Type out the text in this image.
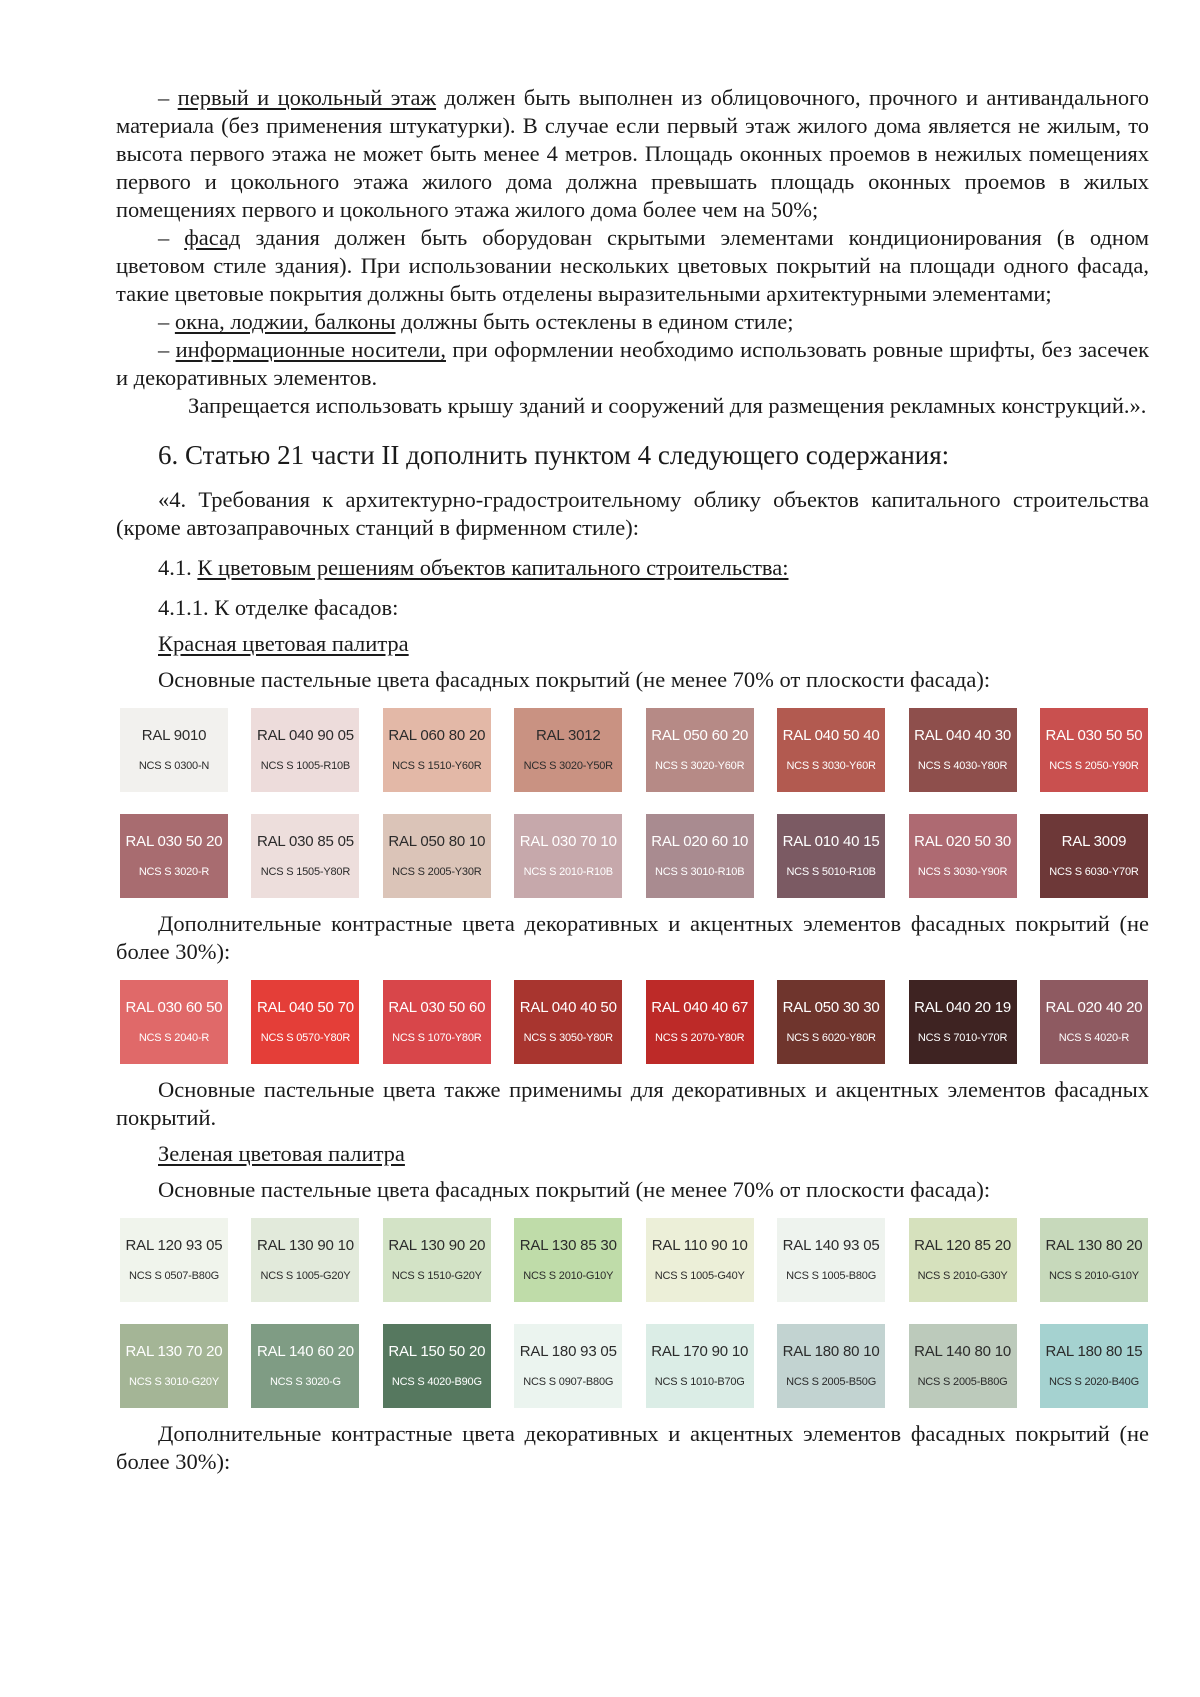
– первый и цокольный этаж должен быть выполнен из облицовочного, прочного и антивандального материала (без применения штукатурки). В случае если первый этаж жилого дома является не жилым, то высота первого этажа не может быть менее 4 метров. Площадь оконных проемов в нежилых помещениях первого и цокольного этажа жилого дома должна превышать площадь оконных проемов в жилых помещениях первого и цокольного этажа жилого дома более чем на 50%;

– фасад здания должен быть оборудован скрытыми элементами кондиционирования (в одном цветовом стиле здания). При использовании нескольких цветовых покрытий на площади одного фасада, такие цветовые покрытия должны быть отделены выразительными архитектурными элементами;

– окна, лоджии, балконы должны быть остеклены в едином стиле;

– информационные носители, при оформлении необходимо использовать ровные шрифты, без засечек и декоративных элементов.

Запрещается использовать крышу зданий и сооружений для размещения рекламных конструкций.».

6. Статью 21 части II дополнить пунктом 4 следующего содержания:

«4. Требования к архитектурно-градостроительному облику объектов капитального строительства (кроме автозаправочных станций в фирменном стиле):

4.1. К цветовым решениям объектов капитального строительства:

4.1.1. К отделке фасадов:

Красная цветовая палитра

Основные пастельные цвета фасадных покрытий (не менее 70% от плоскости фасада):

RAL 9010
NCS S 0300-N
RAL 040 90 05
NCS S 1005-R10B
RAL 060 80 20
NCS S 1510-Y60R
RAL 3012
NCS S 3020-Y50R
RAL 050 60 20
NCS S 3020-Y60R
RAL 040 50 40
NCS S 3030-Y60R
RAL 040 40 30
NCS S 4030-Y80R
RAL 030 50 50
NCS S 2050-Y90R
RAL 030 50 20
NCS S 3020-R
RAL 030 85 05
NCS S 1505-Y80R
RAL 050 80 10
NCS S 2005-Y30R
RAL 030 70 10
NCS S 2010-R10B
RAL 020 60 10
NCS S 3010-R10B
RAL 010 40 15
NCS S 5010-R10B
RAL 020 50 30
NCS S 3030-Y90R
RAL 3009
NCS S 6030-Y70R

Дополнительные контрастные цвета декоративных и акцентных элементов фасадных покрытий (не более 30%):

RAL 030 60 50
NCS S 2040-R
RAL 040 50 70
NCS S 0570-Y80R
RAL 030 50 60
NCS S 1070-Y80R
RAL 040 40 50
NCS S 3050-Y80R
RAL 040 40 67
NCS S 2070-Y80R
RAL 050 30 30
NCS S 6020-Y80R
RAL 040 20 19
NCS S 7010-Y70R
RAL 020 40 20
NCS S 4020-R

Основные пастельные цвета также применимы для декоративных и акцентных элементов фасадных покрытий.

Зеленая цветовая палитра

Основные пастельные цвета фасадных покрытий (не менее 70% от плоскости фасада):

RAL 120 93 05
NCS S 0507-B80G
RAL 130 90 10
NCS S 1005-G20Y
RAL 130 90 20
NCS S 1510-G20Y
RAL 130 85 30
NCS S 2010-G10Y
RAL 110 90 10
NCS S 1005-G40Y
RAL 140 93 05
NCS S 1005-B80G
RAL 120 85 20
NCS S 2010-G30Y
RAL 130 80 20
NCS S 2010-G10Y
RAL 130 70 20
NCS S 3010-G20Y
RAL 140 60 20
NCS S 3020-G
RAL 150 50 20
NCS S 4020-B90G
RAL 180 93 05
NCS S 0907-B80G
RAL 170 90 10
NCS S 1010-B70G
RAL 180 80 10
NCS S 2005-B50G
RAL 140 80 10
NCS S 2005-B80G
RAL 180 80 15
NCS S 2020-B40G

Дополнительные контрастные цвета декоративных и акцентных элементов фасадных покрытий (не более 30%):
